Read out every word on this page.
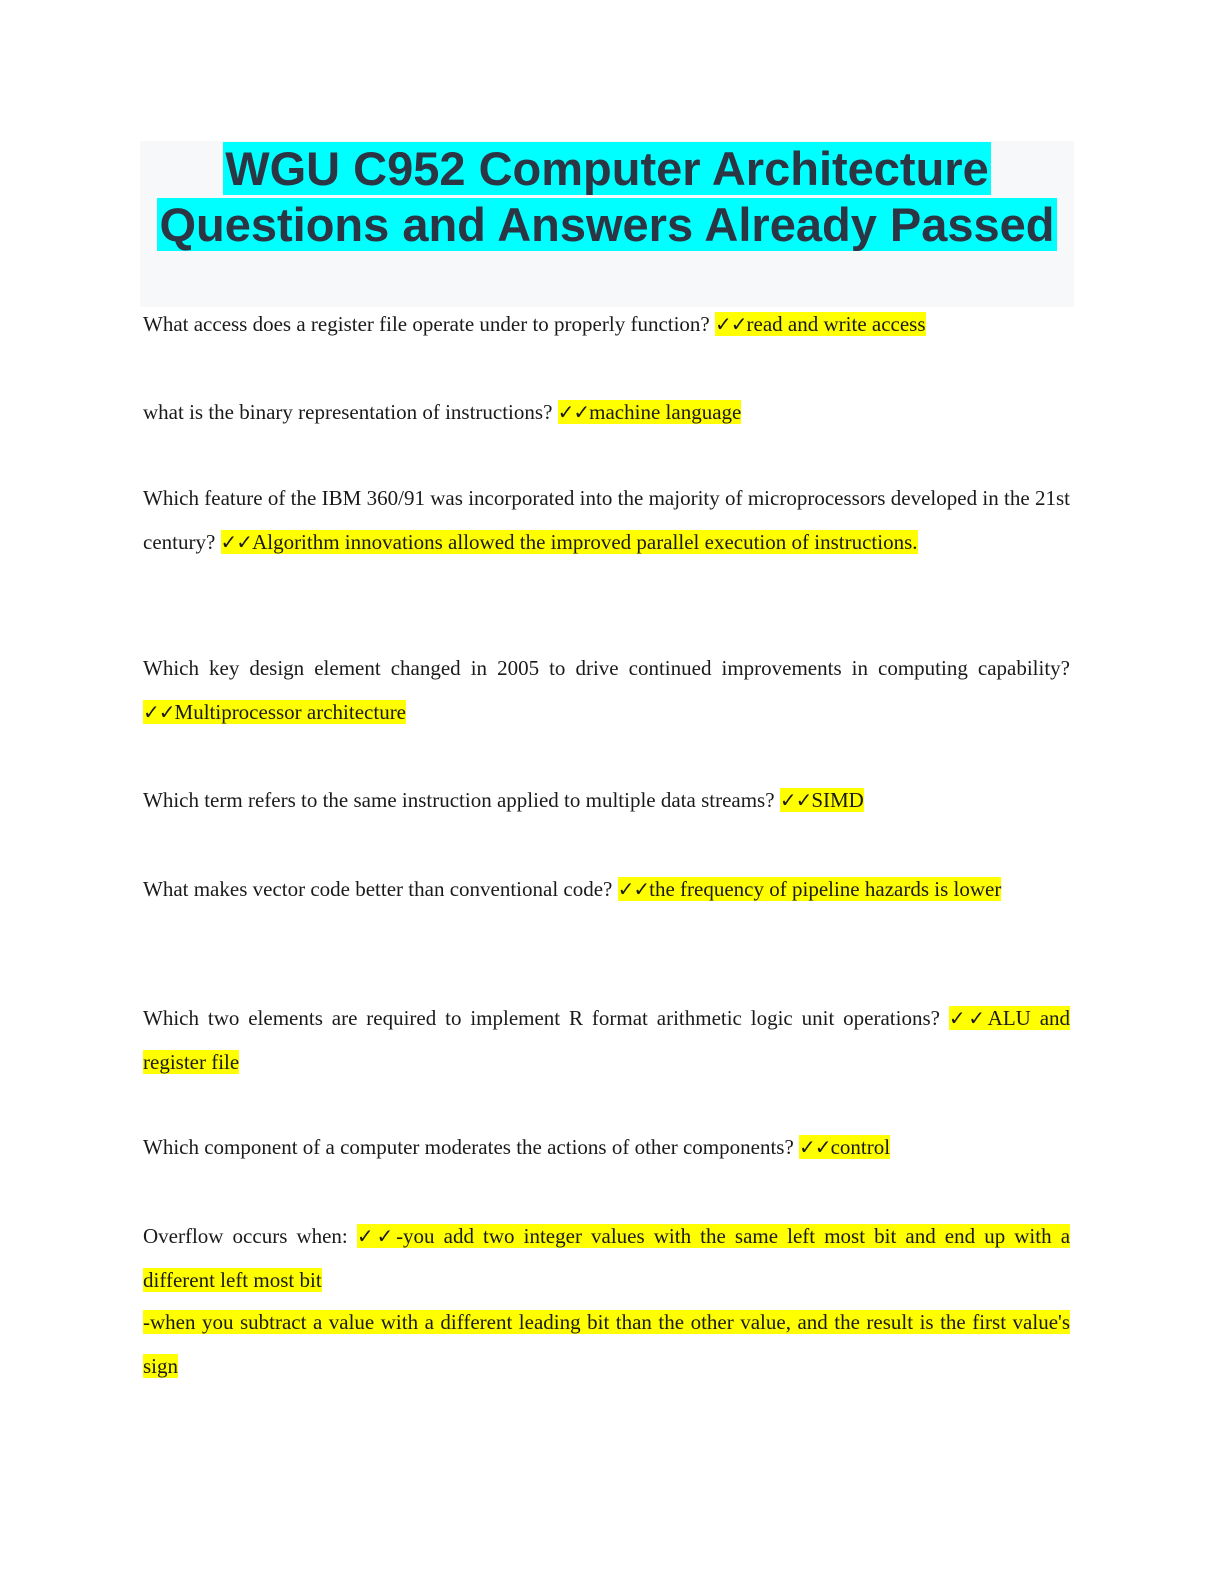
WGU C952 Computer Architecture

Questions and Answers Already Passed

What access does a register file operate under to properly function? ✓✓read and write access

what is the binary representation of instructions? ✓✓machine language

Which feature of the IBM 360/91 was incorporated into the majority of microprocessors developed in the 21st century? ✓✓Algorithm innovations allowed the improved parallel execution of instructions.

Which key design element changed in 2005 to drive continued improvements in computing capability? ✓✓Multiprocessor architecture

Which term refers to the same instruction applied to multiple data streams? ✓✓SIMD

What makes vector code better than conventional code? ✓✓the frequency of pipeline hazards is lower

Which two elements are required to implement R format arithmetic logic unit operations? ✓✓ALU and register file

Which component of a computer moderates the actions of other components? ✓✓control

Overflow occurs when: ✓✓-you add two integer values with the same left most bit and end up with a different left most bit

-when you subtract a value with a different leading bit than the other value, and the result is the first value's sign
